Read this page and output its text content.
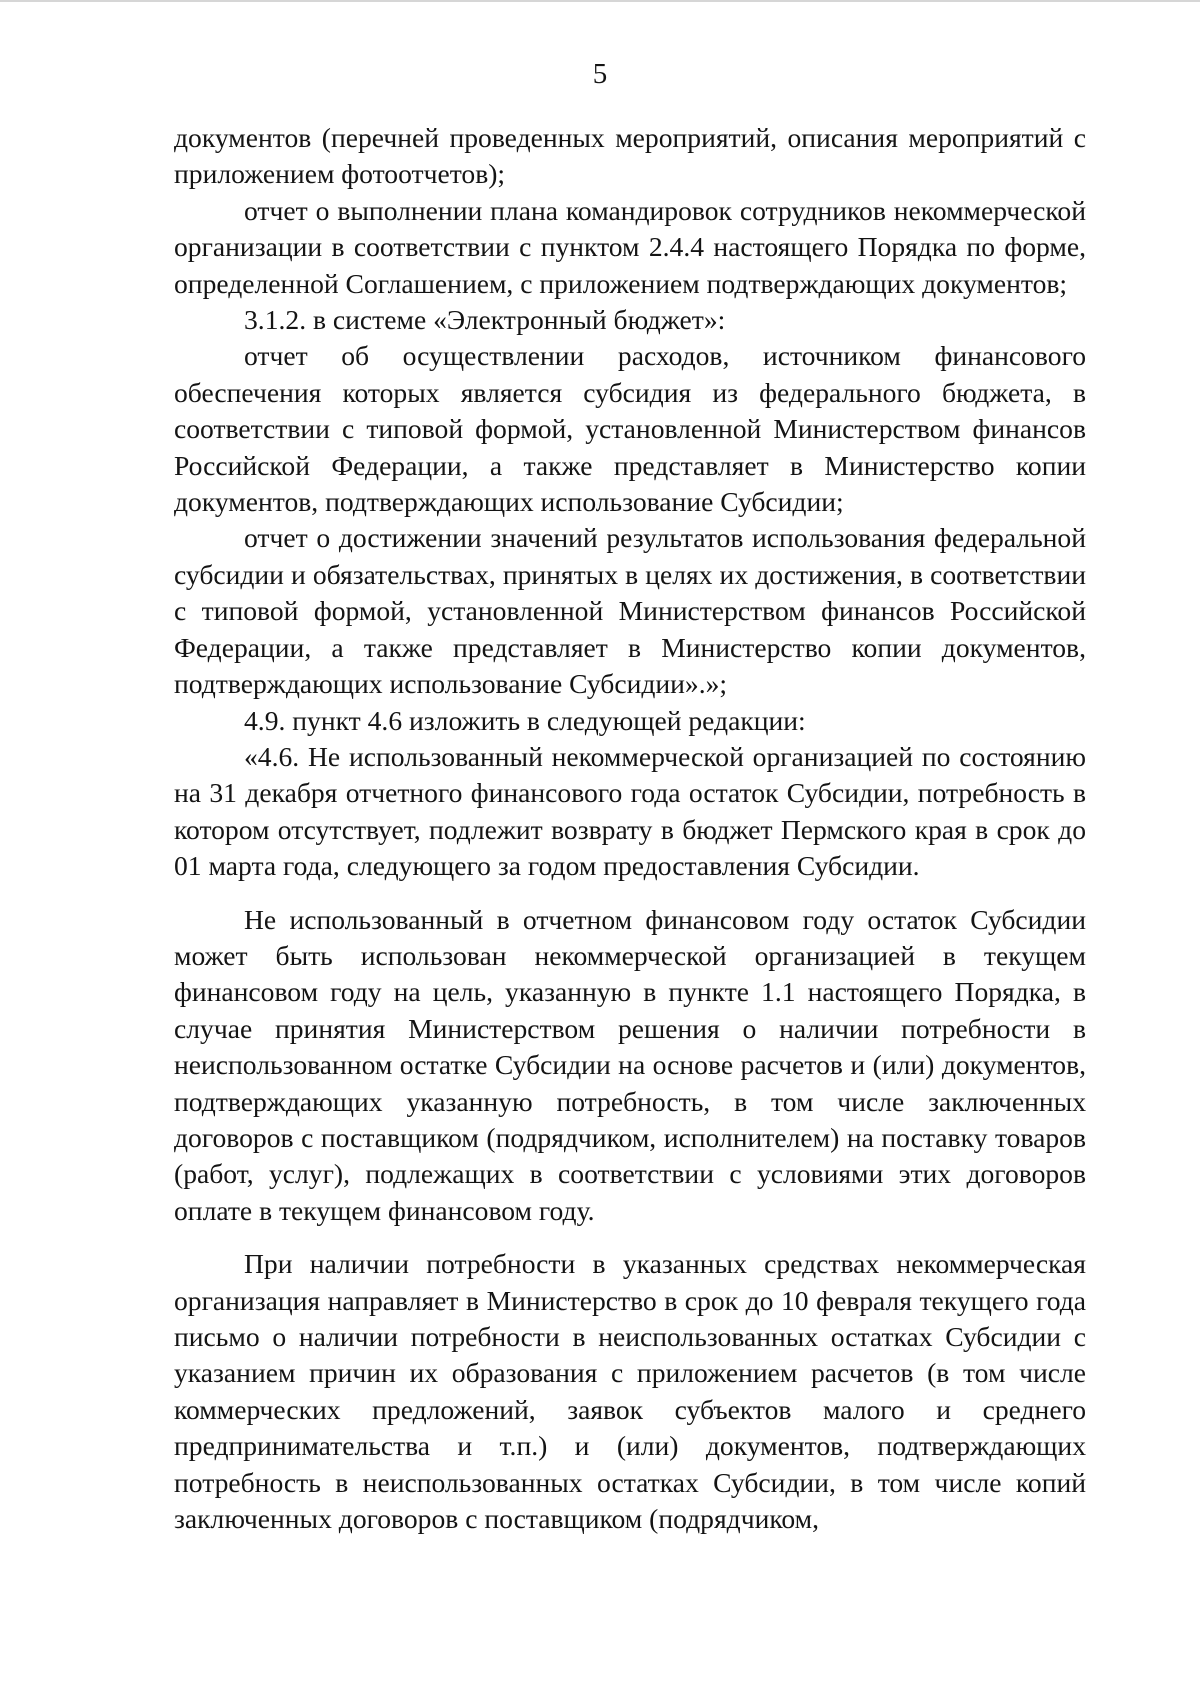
5

документов (перечней проведенных мероприятий, описания мероприятий с приложением фотоотчетов);

отчет о выполнении плана командировок сотрудников некоммерческой организации в соответствии с пунктом 2.4.4 настоящего Порядка по форме, определенной Соглашением, с приложением подтверждающих документов;

3.1.2. в системе «Электронный бюджет»:

отчет об осуществлении расходов, источником финансового обеспечения которых является субсидия из федерального бюджета, в соответствии с типовой формой, установленной Министерством финансов Российской Федерации, а также представляет в Министерство копии документов, подтверждающих использование Субсидии;

отчет о достижении значений результатов использования федеральной субсидии и обязательствах, принятых в целях их достижения, в соответствии с типовой формой, установленной Министерством финансов Российской Федерации, а также представляет в Министерство копии документов, подтверждающих использование Субсидии».»;

4.9. пункт 4.6 изложить в следующей редакции:

«4.6. Не использованный некоммерческой организацией по состоянию на 31 декабря отчетного финансового года остаток Субсидии, потребность в котором отсутствует, подлежит возврату в бюджет Пермского края в срок до 01 марта года, следующего за годом предоставления Субсидии.

Не использованный в отчетном финансовом году остаток Субсидии может быть использован некоммерческой организацией в текущем финансовом году на цель, указанную в пункте 1.1 настоящего Порядка, в случае принятия Министерством решения о наличии потребности в неиспользованном остатке Субсидии на основе расчетов и (или) документов, подтверждающих указанную потребность, в том числе заключенных договоров с поставщиком (подрядчиком, исполнителем) на поставку товаров (работ, услуг), подлежащих в соответствии с условиями этих договоров оплате в текущем финансовом году.

При наличии потребности в указанных средствах некоммерческая организация направляет в Министерство в срок до 10 февраля текущего года письмо о наличии потребности в неиспользованных остатках Субсидии с указанием причин их образования с приложением расчетов (в том числе коммерческих предложений, заявок субъектов малого и среднего предпринимательства и т.п.) и (или) документов, подтверждающих потребность в неиспользованных остатках Субсидии, в том числе копий заключенных договоров с поставщиком (подрядчиком,
